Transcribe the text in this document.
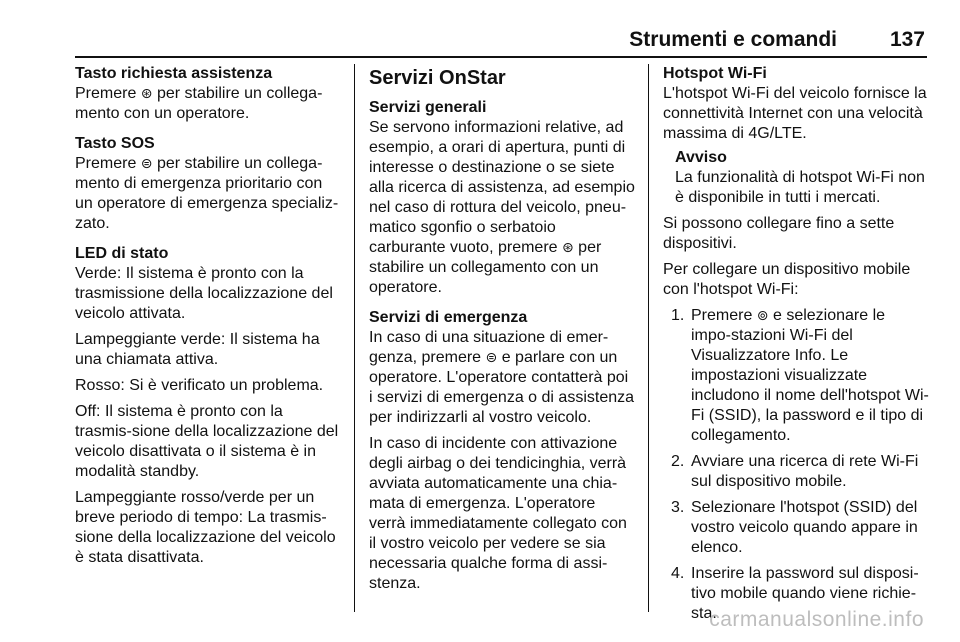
Strumenti e comandi	137

Tasto richiesta assistenza

Premere ⊛ per stabilire un collega-mento con un operatore.

Tasto SOS

Premere ⊜ per stabilire un collega-mento di emergenza prioritario con un operatore di emergenza specializ-zato.

LED di stato

Verde: Il sistema è pronto con la trasmissione della localizzazione del veicolo attivata.

Lampeggiante verde: Il sistema ha una chiamata attiva.

Rosso: Si è verificato un problema.

Off: Il sistema è pronto con la trasmis-sione della localizzazione del veicolo disattivata o il sistema è in modalità standby.

Lampeggiante rosso/verde per un breve periodo di tempo: La trasmis-sione della localizzazione del veicolo è stata disattivata.

Servizi OnStar

Servizi generali

Se servono informazioni relative, ad esempio, a orari di apertura, punti di interesse o destinazione o se siete alla ricerca di assistenza, ad esempio nel caso di rottura del veicolo, pneu-matico sgonfio o serbatoio carburante vuoto, premere ⊛ per stabilire un collegamento con un operatore.

Servizi di emergenza

In caso di una situazione di emer-genza, premere ⊜ e parlare con un operatore. L'operatore contatterà poi i servizi di emergenza o di assistenza per indirizzarli al vostro veicolo.

In caso di incidente con attivazione degli airbag o dei tendicinghia, verrà avviata automaticamente una chia-mata di emergenza. L'operatore verrà immediatamente collegato con il vostro veicolo per vedere se sia necessaria qualche forma di assi-stenza.

Hotspot Wi-Fi

L'hotspot Wi-Fi del veicolo fornisce la connettività Internet con una velocità massima di 4G/LTE.

Avviso

La funzionalità di hotspot Wi-Fi non è disponibile in tutti i mercati.

Si possono collegare fino a sette dispositivi.

Per collegare un dispositivo mobile con l'hotspot Wi-Fi:

1. Premere ⊚ e selezionare le impo-stazioni Wi-Fi del Visualizzatore Info. Le impostazioni visualizzate includono il nome dell'hotspot Wi-Fi (SSID), la password e il tipo di collegamento.
2. Avviare una ricerca di rete Wi-Fi sul dispositivo mobile.
3. Selezionare l'hotspot (SSID) del vostro veicolo quando appare in elenco.
4. Inserire la password sul disposi-tivo mobile quando viene richie-sta.
carmanualsonline.info
